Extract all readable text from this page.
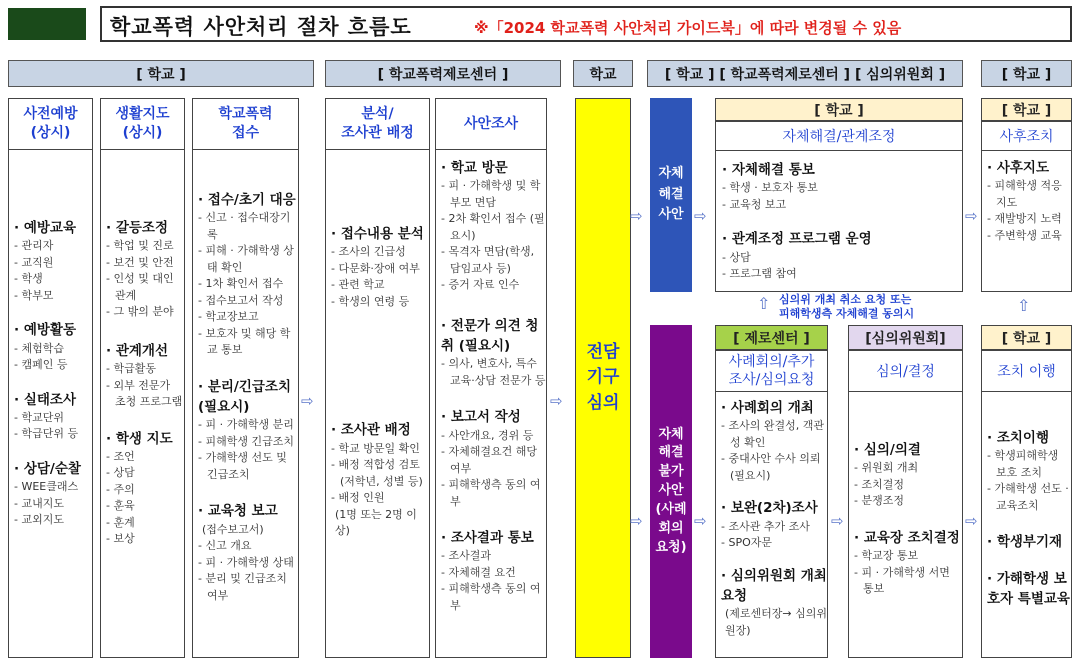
학교폭력 사안처리 절차 흐름도	※「2024 학교폭력 사안처리 가이드북」에 따라 변경될 수 있음
[ 학교 ]	[ 학교폭력제로센터 ]	학교	[ 학교 ] [ 학교폭력제로센터 ] [ 심의위원회 ]	[ 학교 ]
사전예방
(상시)
· 예방교육
- 관리자
- 교직원
- 학생
- 학부모
· 예방활동
- 체험학습
- 캠페인 등
· 실태조사
- 학교단위
- 학급단위 등
· 상담/순찰
- WEE클래스
- 교내지도
- 교외지도
생활지도
(상시)
· 갈등조정
- 학업 및 진로
- 보건 및 안전
- 인성 및 대인관계
- 그 밖의 분야
· 관계개선
- 학급활동
- 외부 전문가 초청 프로그램
· 학생 지도
- 조언
- 상담
- 주의
- 훈육
- 훈계
- 보상
학교폭력
접수
· 접수/초기 대응
- 신고 · 접수대장기록
- 피해 · 가해학생 상태 확인
- 1차 확인서 접수
- 접수보고서 작성
- 학교장보고
- 보호자 및 해당 학교 통보
· 분리/긴급조치 (필요시)
- 피 · 가해학생 분리
- 피해학생 긴급조치
- 가해학생 선도 및 긴급조치
· 교육청 보고
(접수보고서)
- 신고 개요
- 피 · 가해학생 상태
- 분리 및 긴급조치 여부
⇨
분석/
조사관 배정
· 접수내용 분석
- 조사의 긴급성
- 다문화·장애 여부
- 관련 학교
- 학생의 연령 등
· 조사관 배정
- 학교 방문일 확인
- 배정 적합성 검토 (저학년, 성별 등)
- 배정 인원
(1명 또는 2명 이상)
사안조사
· 학교 방문
- 피 · 가해학생 및 학부모 면담
- 2차 확인서 접수 (필요시)
- 목격자 면담(학생, 담임교사 등)
- 증거 자료 인수
· 전문가 의견 청취 (필요시)
- 의사, 변호사, 특수교육·상담 전문가 등
· 보고서 작성
- 사안개요, 경위 등
- 자체해결요건 해당 여부
- 피해학생측 동의 여부
· 조사결과 통보
- 조사결과
- 자체해결 요건
- 피해학생측 동의 여부
⇨
전담
기구
심의
⇨
⇨
자체
해결
사안 ⇨
자체
해결
불가
사안
(사례
회의
요청)
⇨
[ 학교 ]
자체해결/관계조정
· 자체해결 통보
- 학생 · 보호자 통보
- 교육청 보고
· 관계조정 프로그램 운영
- 상담
- 프로그램 참여
⇧ 심의위 개최 취소 요청 또는
피해학생측 자체해결 동의시
[ 제로센터 ]
사례회의/추가
조사/심의요청
· 사례회의 개최
- 조사의 완결성, 객관성 확인
- 중대사안 수사 의뢰(필요시)
· 보완(2차)조사
- 조사관 추가 조사
- SPO자문
· 심의위원회 개최 요청
(제로센터장→ 심의위원장)
⇨
[심의위원회]
심의/결정
· 심의/의결
- 위원회 개최
- 조치결정
- 분쟁조정
· 교육장 조치결정
- 학교장 통보
- 피 · 가해학생 서면 통보
⇨
⇨
[ 학교 ]
사후조치
· 사후지도
- 피해학생 적응지도
- 재발방지 노력
- 주변학생 교육
⇧
[ 학교 ]
조치 이행
· 조치이행
- 학생피해학생 보호 조치
- 가해학생 선도 · 교육조치
· 학생부기재
· 가해학생 보호자 특별교육
